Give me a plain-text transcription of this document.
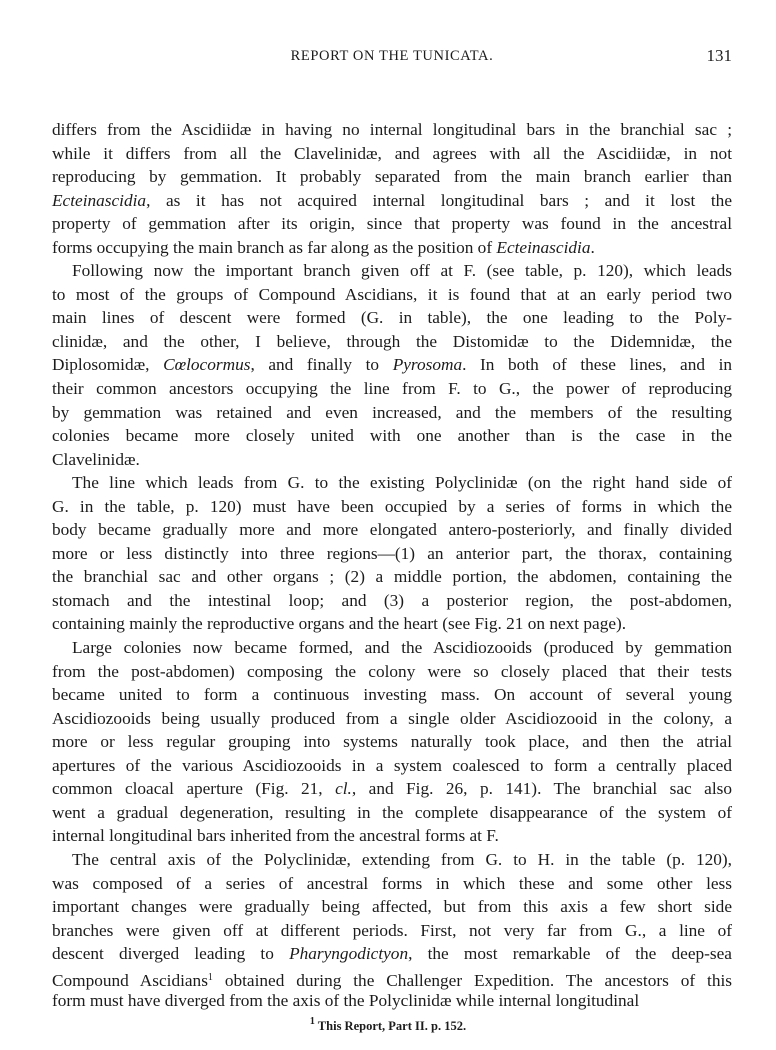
REPORT ON THE TUNICATA.	131
differs from the Ascidiidæ in having no internal longitudinal bars in the branchial sac ;
while it differs from all the Clavelinidæ, and agrees with all the Ascidiidæ, in not
reproducing by gemmation. It probably separated from the main branch earlier than
Ecteinascidia, as it has not acquired internal longitudinal bars ; and it lost the
property of gemmation after its origin, since that property was found in the ancestral
forms occupying the main branch as far along as the position of Ecteinascidia.
Following now the important branch given off at F. (see table, p. 120), which leads
to most of the groups of Compound Ascidians, it is found that at an early period two
main lines of descent were formed (G. in table), the one leading to the Poly-
clinidæ, and the other, I believe, through the Distomidæ to the Didemnidæ, the
Diplosomidæ, Cœlocormus, and finally to Pyrosoma. In both of these lines, and in
their common ancestors occupying the line from F. to G., the power of reproducing
by gemmation was retained and even increased, and the members of the resulting
colonies became more closely united with one another than is the case in the
Clavelinidæ.
The line which leads from G. to the existing Polyclinidæ (on the right hand side of
G. in the table, p. 120) must have been occupied by a series of forms in which the
body became gradually more and more elongated antero-posteriorly, and finally divided
more or less distinctly into three regions—(1) an anterior part, the thorax, containing
the branchial sac and other organs ; (2) a middle portion, the abdomen, containing the
stomach and the intestinal loop; and (3) a posterior region, the post-abdomen,
containing mainly the reproductive organs and the heart (see Fig. 21 on next page).
Large colonies now became formed, and the Ascidiozooids (produced by gemmation
from the post-abdomen) composing the colony were so closely placed that their tests
became united to form a continuous investing mass. On account of several young
Ascidiozooids being usually produced from a single older Ascidiozooid in the colony, a
more or less regular grouping into systems naturally took place, and then the atrial
apertures of the various Ascidiozooids in a system coalesced to form a centrally placed
common cloacal aperture (Fig. 21, cl., and Fig. 26, p. 141). The branchial sac also
went a gradual degeneration, resulting in the complete disappearance of the system of
internal longitudinal bars inherited from the ancestral forms at F.
The central axis of the Polyclinidæ, extending from G. to H. in the table (p. 120),
was composed of a series of ancestral forms in which these and some other less
important changes were gradually being affected, but from this axis a few short side
branches were given off at different periods. First, not very far from G., a line of
descent diverged leading to Pharyngodictyon, the most remarkable of the deep-sea
Compound Ascidians$^1$ obtained during the Challenger Expedition. The ancestors of this
form must have diverged from the axis of the Polyclinidæ while internal longitudinal
$^1$ This Report, Part II. p. 152.
